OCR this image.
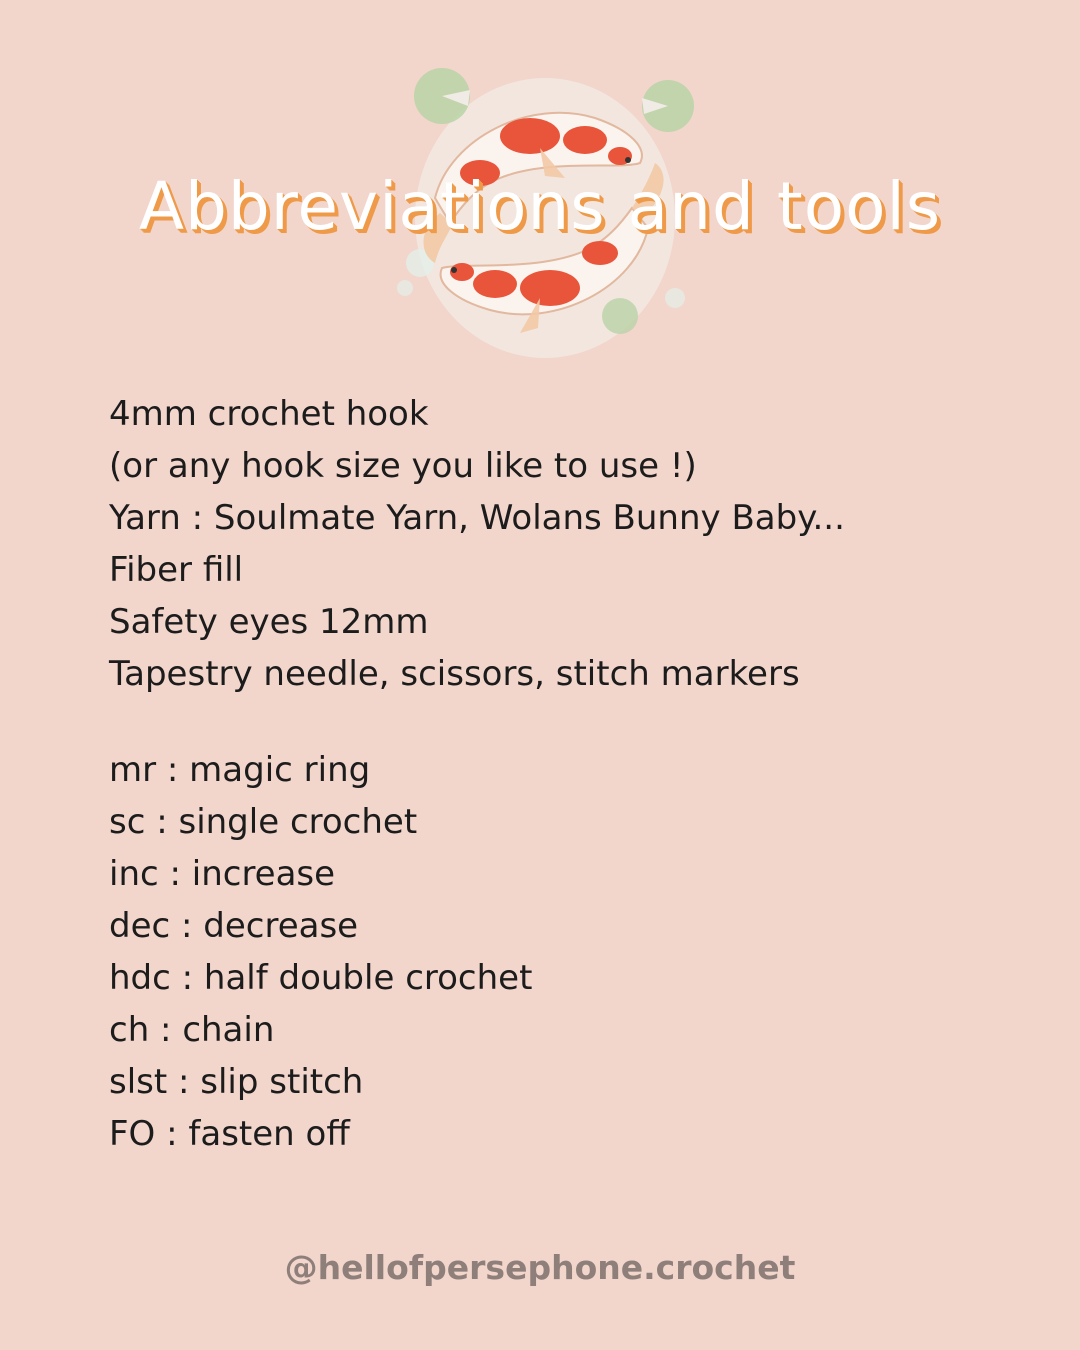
Abbreviations and tools
4mm crochet hook
(or any hook size you like to use !)
Yarn : Soulmate Yarn, Wolans Bunny Baby...
Fiber fill
Safety eyes 12mm
Tapestry needle, scissors, stitch markers
mr : magic ring
sc : single crochet
inc : increase
dec : decrease
hdc : half double crochet
ch : chain
slst : slip stitch
FO : fasten off
@hellofpersephone.crochet
